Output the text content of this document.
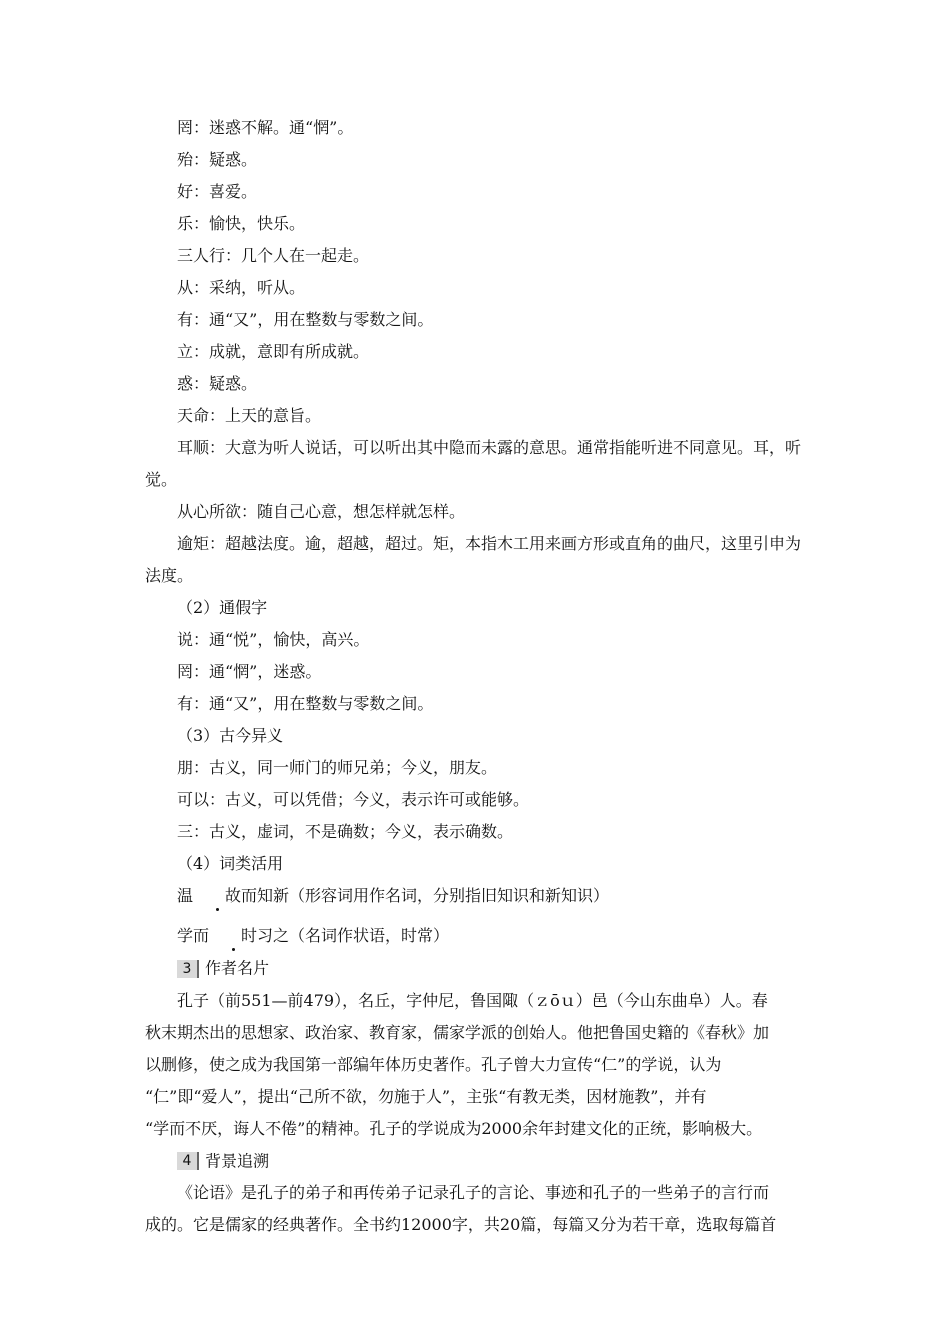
罔：迷惑不解。通“惘”。

殆：疑惑。

好：喜爱。

乐：愉快，快乐。

三人行：几个人在一起走。

从：采纳，听从。

有：通“又”，用在整数与零数之间。

立：成就，意即有所成就。

惑：疑惑。

天命：上天的意旨。

耳顺：大意为听人说话，可以听出其中隐而未露的意思。通常指能听进不同意见。耳，听觉。

从心所欲：随自己心意，想怎样就怎样。

逾矩：超越法度。逾，超越，超过。矩，本指木工用来画方形或直角的曲尺，这里引申为法度。

（2）通假字

说：通“悦”，愉快，高兴。

罔：通“惘”，迷惑。

有：通“又”，用在整数与零数之间。

（3）古今异义

朋：古义，同一师门的师兄弟；今义，朋友。

可以：古义，可以凭借；今义，表示许可或能够。

三：古义，虚词，不是确数；今义，表示确数。

（4）词类活用

温 故而知新（形容词用作名词，分别指旧知识和新知识）

学而 时习之（名词作状语，时常）

3 作者名片

孔子（前551—前479），名丘，字仲尼，鲁国陬（ｚōｕ）邑（今山东曲阜）人。春

秋末期杰出的思想家、政治家、教育家，儒家学派的创始人。他把鲁国史籍的《春秋》加

以删修，使之成为我国第一部编年体历史著作。孔子曾大力宣传“仁”的学说，认为

“仁”即“爱人”，提出“己所不欲，勿施于人”，主张“有教无类，因材施教”，并有

“学而不厌，诲人不倦”的精神。孔子的学说成为2000余年封建文化的正统，影响极大。

4 背景追溯

《论语》是孔子的弟子和再传弟子记录孔子的言论、事迹和孔子的一些弟子的言行而

成的。它是儒家的经典著作。全书约12000字，共20篇，每篇又分为若干章，选取每篇首
